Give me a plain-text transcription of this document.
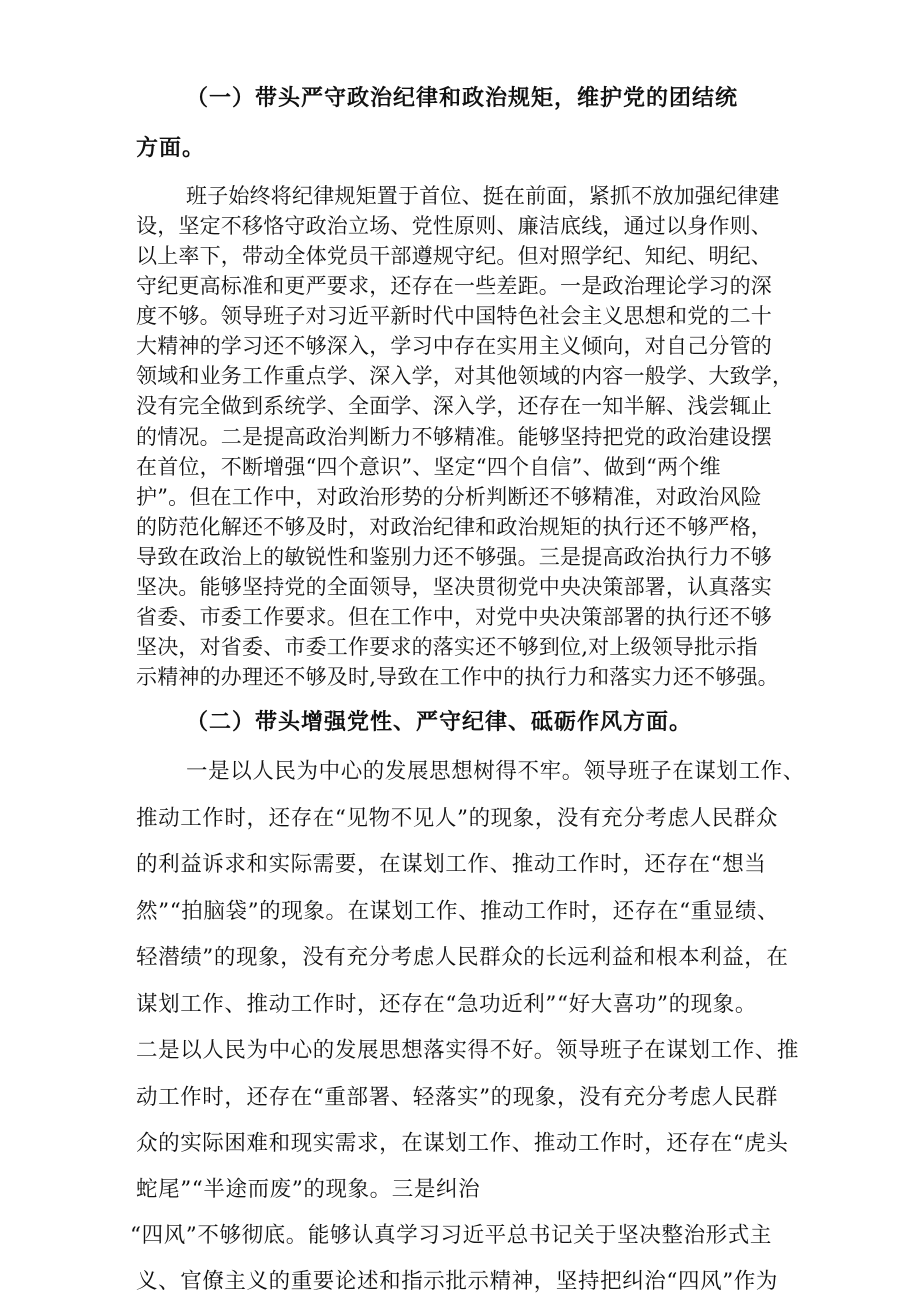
（一）带头严守政治纪律和政治规矩，维护党的团结统
方面。
班子始终将纪律规矩置于首位、挺在前面，紧抓不放加强纪律建
设，坚定不移恪守政治立场、党性原则、廉洁底线，通过以身作则、
以上率下，带动全体党员干部遵规守纪。但对照学纪、知纪、明纪、
守纪更高标准和更严要求，还存在一些差距。一是政治理论学习的深
度不够。领导班子对习近平新时代中国特色社会主义思想和党的二十
大精神的学习还不够深入，学习中存在实用主义倾向，对自己分管的
领域和业务工作重点学、深入学，对其他领域的内容一般学、大致学，
没有完全做到系统学、全面学、深入学，还存在一知半解、浅尝辄止
的情况。二是提高政治判断力不够精准。能够坚持把党的政治建设摆
在首位，不断增强“四个意识”、坚定“四个自信”、做到“两个维
护”。但在工作中，对政治形势的分析判断还不够精准，对政治风险
的防范化解还不够及时，对政治纪律和政治规矩的执行还不够严格，
导致在政治上的敏锐性和鉴别力还不够强。三是提高政治执行力不够
坚决。能够坚持党的全面领导，坚决贯彻党中央决策部署，认真落实
省委、市委工作要求。但在工作中，对党中央决策部署的执行还不够
坚决，对省委、市委工作要求的落实还不够到位,对上级领导批示指
示精神的办理还不够及时,导致在工作中的执行力和落实力还不够强。
（二）带头增强党性、严守纪律、砥砺作风方面。
一是以人民为中心的发展思想树得不牢。领导班子在谋划工作、
推动工作时，还存在“见物不见人”的现象，没有充分考虑人民群众
的利益诉求和实际需要，在谋划工作、推动工作时，还存在“想当
然”“拍脑袋”的现象。在谋划工作、推动工作时，还存在“重显绩、
轻潜绩”的现象，没有充分考虑人民群众的长远利益和根本利益，在
谋划工作、推动工作时，还存在“急功近利”“好大喜功”的现象。
二是以人民为中心的发展思想落实得不好。领导班子在谋划工作、推
动工作时，还存在“重部署、轻落实”的现象，没有充分考虑人民群
众的实际困难和现实需求，在谋划工作、推动工作时，还存在“虎头
蛇尾”“半途而废”的现象。三是纠治
“四风”不够彻底。能够认真学习习近平总书记关于坚决整治形式主
义、官僚主义的重要论述和指示批示精神，坚持把纠治“四风”作为
